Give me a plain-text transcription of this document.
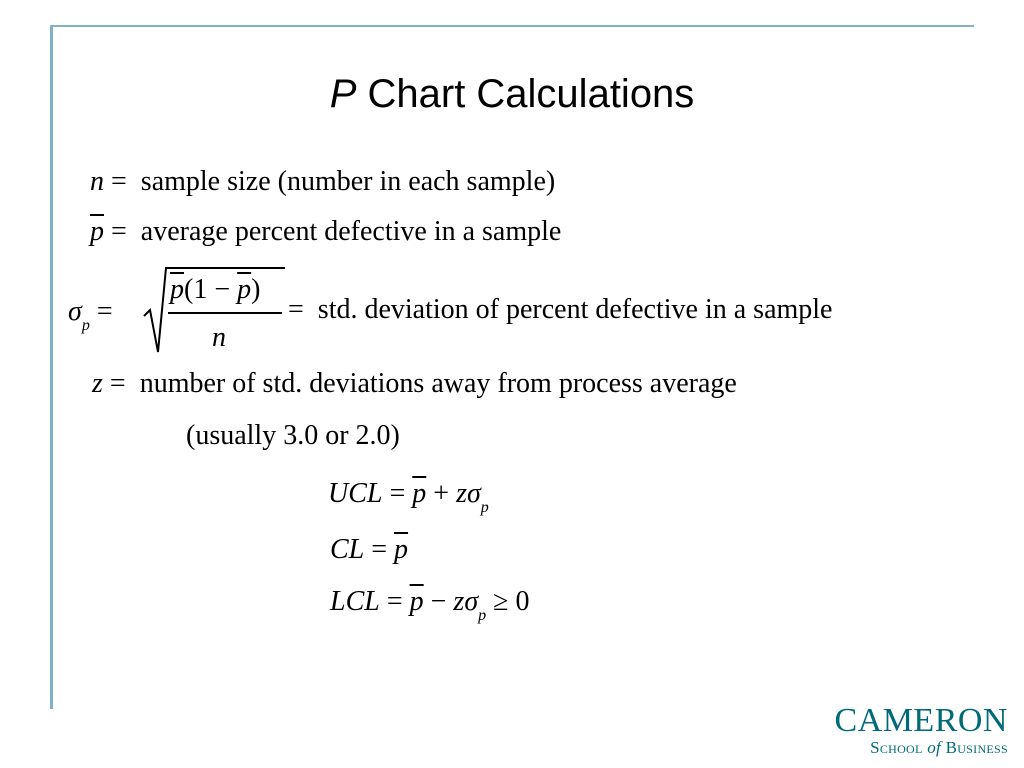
P Chart Calculations
n =  sample size (number in each sample)
$\overline{p}$ =  average percent defective in a sample
$\sigma_p$ =
$\overline{p}(1 - \overline{p})$
n
=  std. deviation of percent defective in a sample
z =  number of std. deviations away from process average
(usually 3.0 or 2.0)
UCL = $\overline{p} + z\sigma_p$
CL = $\overline{p}$
LCL = $\overline{p} - z\sigma_p \ge 0$
CAMERON
School of Business
